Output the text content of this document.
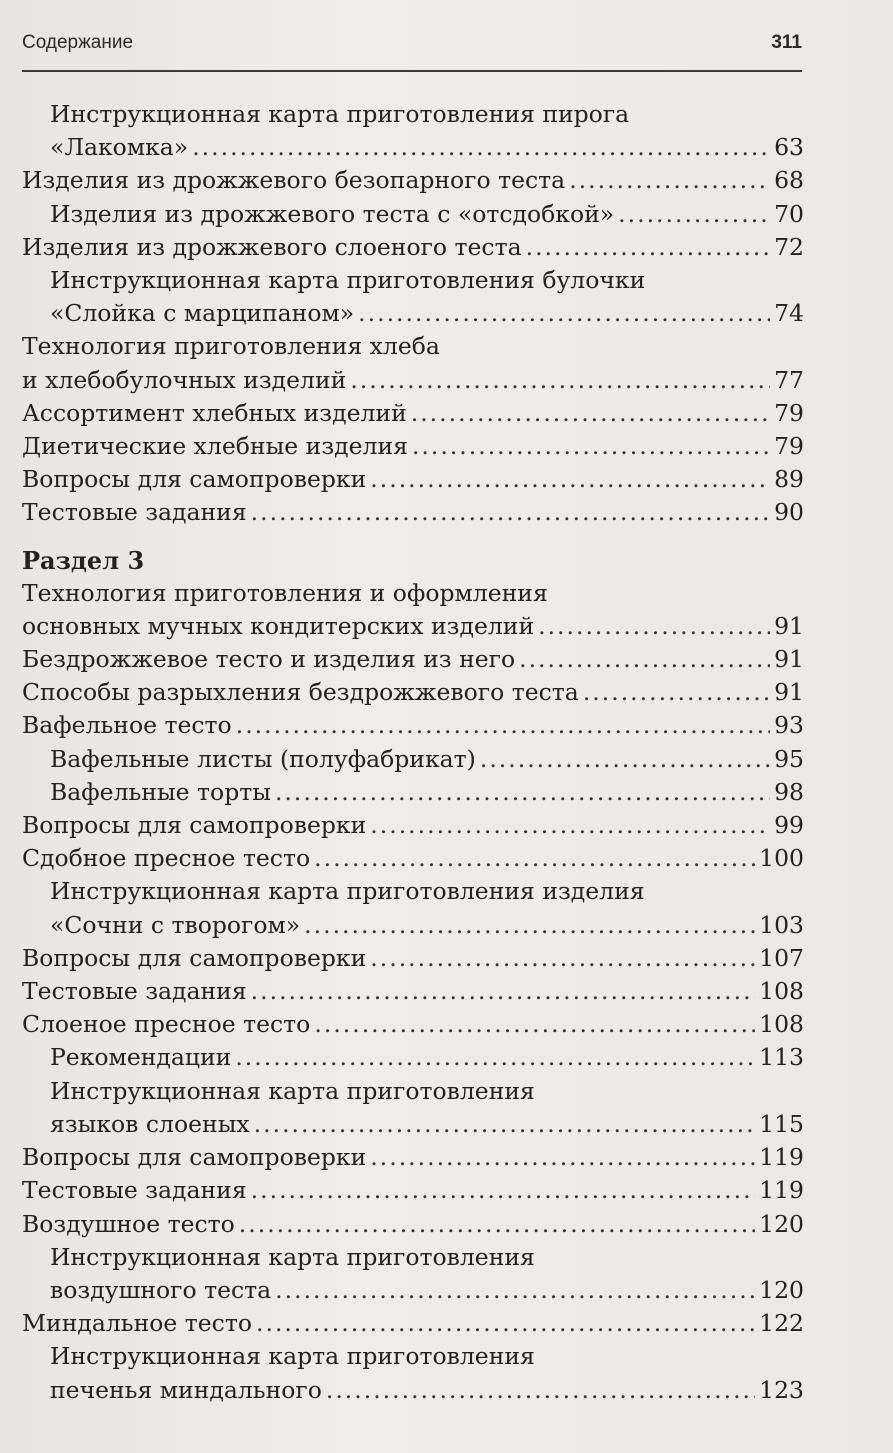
Содержание	311
Инструкционная карта приготовления пирога
«Лакомка» .....	63
Изделия из дрожжевого безопарного теста .....	68
Изделия из дрожжевого теста с «отсдобкой» .....	70
Изделия из дрожжевого слоеного теста .....	72
Инструкционная карта приготовления булочки
«Слойка с марципаном» .....	74
Технология приготовления хлеба
и хлебобулочных изделий .....	77
Ассортимент хлебных изделий .....	79
Диетические хлебные изделия .....	79
Вопросы для самопроверки .....	89
Тестовые задания .....	90
Раздел 3
Технология приготовления и оформления
основных мучных кондитерских изделий .....	91
Бездрожжевое тесто и изделия из него .....	91
Способы разрыхления бездрожжевого теста .....	91
Вафельное тесто .....	93
Вафельные листы (полуфабрикат) .....	95
Вафельные торты .....	98
Вопросы для самопроверки .....	99
Сдобное пресное тесто .....	100
Инструкционная карта приготовления изделия
«Сочни с творогом» .....	103
Вопросы для самопроверки .....	107
Тестовые задания .....	108
Слоеное пресное тесто .....	108
Рекомендации .....	113
Инструкционная карта приготовления
языков слоеных .....	115
Вопросы для самопроверки .....	119
Тестовые задания .....	119
Воздушное тесто .....	120
Инструкционная карта приготовления
воздушного теста .....	120
Миндальное тесто .....	122
Инструкционная карта приготовления
печенья миндального .....	123
